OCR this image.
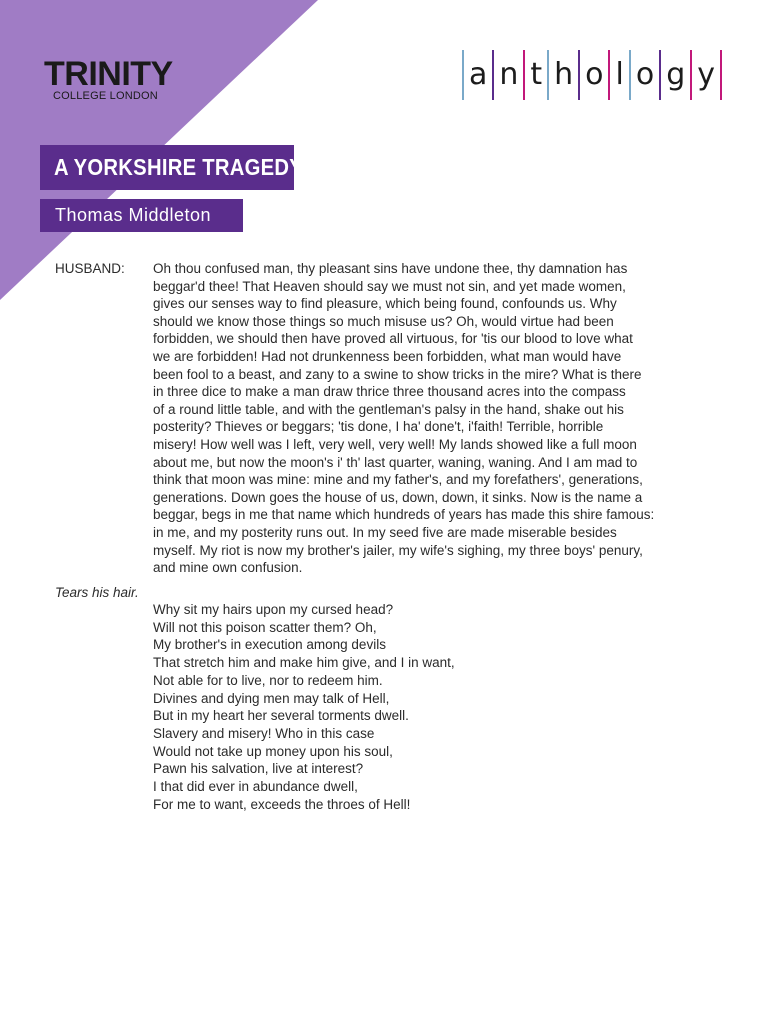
TRINITY
COLLEGE LONDON
a n t h o l o g y
A YORKSHIRE TRAGEDY
Thomas Middleton
HUSBAND: Oh thou confused man, thy pleasant sins have undone thee, thy damnation has
beggar'd thee! That Heaven should say we must not sin, and yet made women,
gives our senses way to find pleasure, which being found, confounds us. Why
should we know those things so much misuse us? Oh, would virtue had been
forbidden, we should then have proved all virtuous, for 'tis our blood to love what
we are forbidden! Had not drunkenness been forbidden, what man would have
been fool to a beast, and zany to a swine to show tricks in the mire? What is there
in three dice to make a man draw thrice three thousand acres into the compass
of a round little table, and with the gentleman's palsy in the hand, shake out his
posterity? Thieves or beggars; 'tis done, I ha' done't, i'faith! Terrible, horrible
misery! How well was I left, very well, very well! My lands showed like a full moon
about me, but now the moon's i' th' last quarter, waning, waning. And I am mad to
think that moon was mine: mine and my father's, and my forefathers', generations,
generations. Down goes the house of us, down, down, it sinks. Now is the name a
beggar, begs in me that name which hundreds of years has made this shire famous:
in me, and my posterity runs out. In my seed five are made miserable besides
myself. My riot is now my brother's jailer, my wife's sighing, my three boys' penury,
and mine own confusion.
Tears his hair.
Why sit my hairs upon my cursed head?
Will not this poison scatter them? Oh,
My brother's in execution among devils
That stretch him and make him give, and I in want,
Not able for to live, nor to redeem him.
Divines and dying men may talk of Hell,
But in my heart her several torments dwell.
Slavery and misery! Who in this case
Would not take up money upon his soul,
Pawn his salvation, live at interest?
I that did ever in abundance dwell,
For me to want, exceeds the throes of Hell!
